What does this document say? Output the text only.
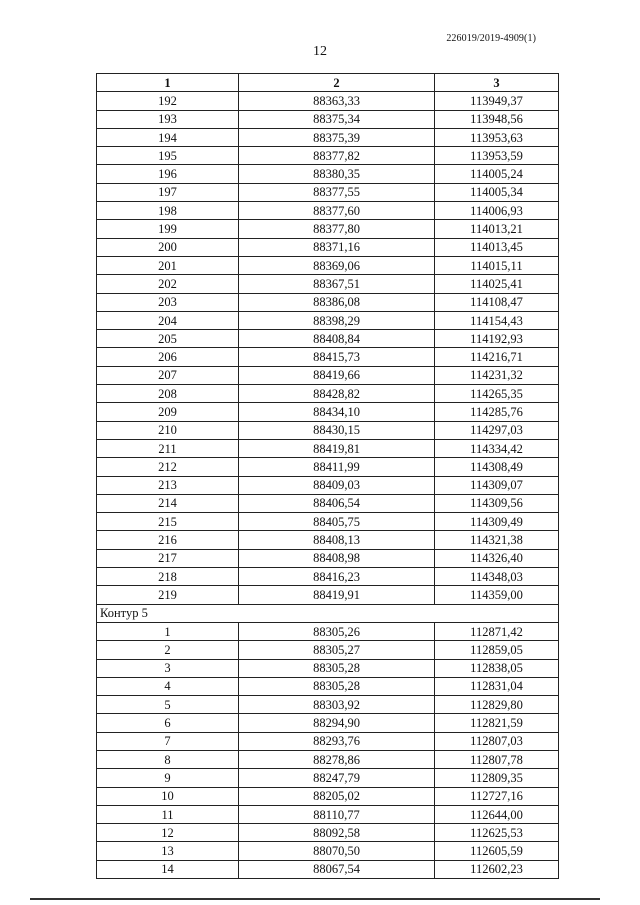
226019/2019-4909(1)
12
1	2	3
192	88363,33	113949,37
193	88375,34	113948,56
194	88375,39	113953,63
195	88377,82	113953,59
196	88380,35	114005,24
197	88377,55	114005,34
198	88377,60	114006,93
199	88377,80	114013,21
200	88371,16	114013,45
201	88369,06	114015,11
202	88367,51	114025,41
203	88386,08	114108,47
204	88398,29	114154,43
205	88408,84	114192,93
206	88415,73	114216,71
207	88419,66	114231,32
208	88428,82	114265,35
209	88434,10	114285,76
210	88430,15	114297,03
211	88419,81	114334,42
212	88411,99	114308,49
213	88409,03	114309,07
214	88406,54	114309,56
215	88405,75	114309,49
216	88408,13	114321,38
217	88408,98	114326,40
218	88416,23	114348,03
219	88419,91	114359,00
Контур 5		
1	88305,26	112871,42
2	88305,27	112859,05
3	88305,28	112838,05
4	88305,28	112831,04
5	88303,92	112829,80
6	88294,90	112821,59
7	88293,76	112807,03
8	88278,86	112807,78
9	88247,79	112809,35
10	88205,02	112727,16
11	88110,77	112644,00
12	88092,58	112625,53
13	88070,50	112605,59
14	88067,54	112602,23
